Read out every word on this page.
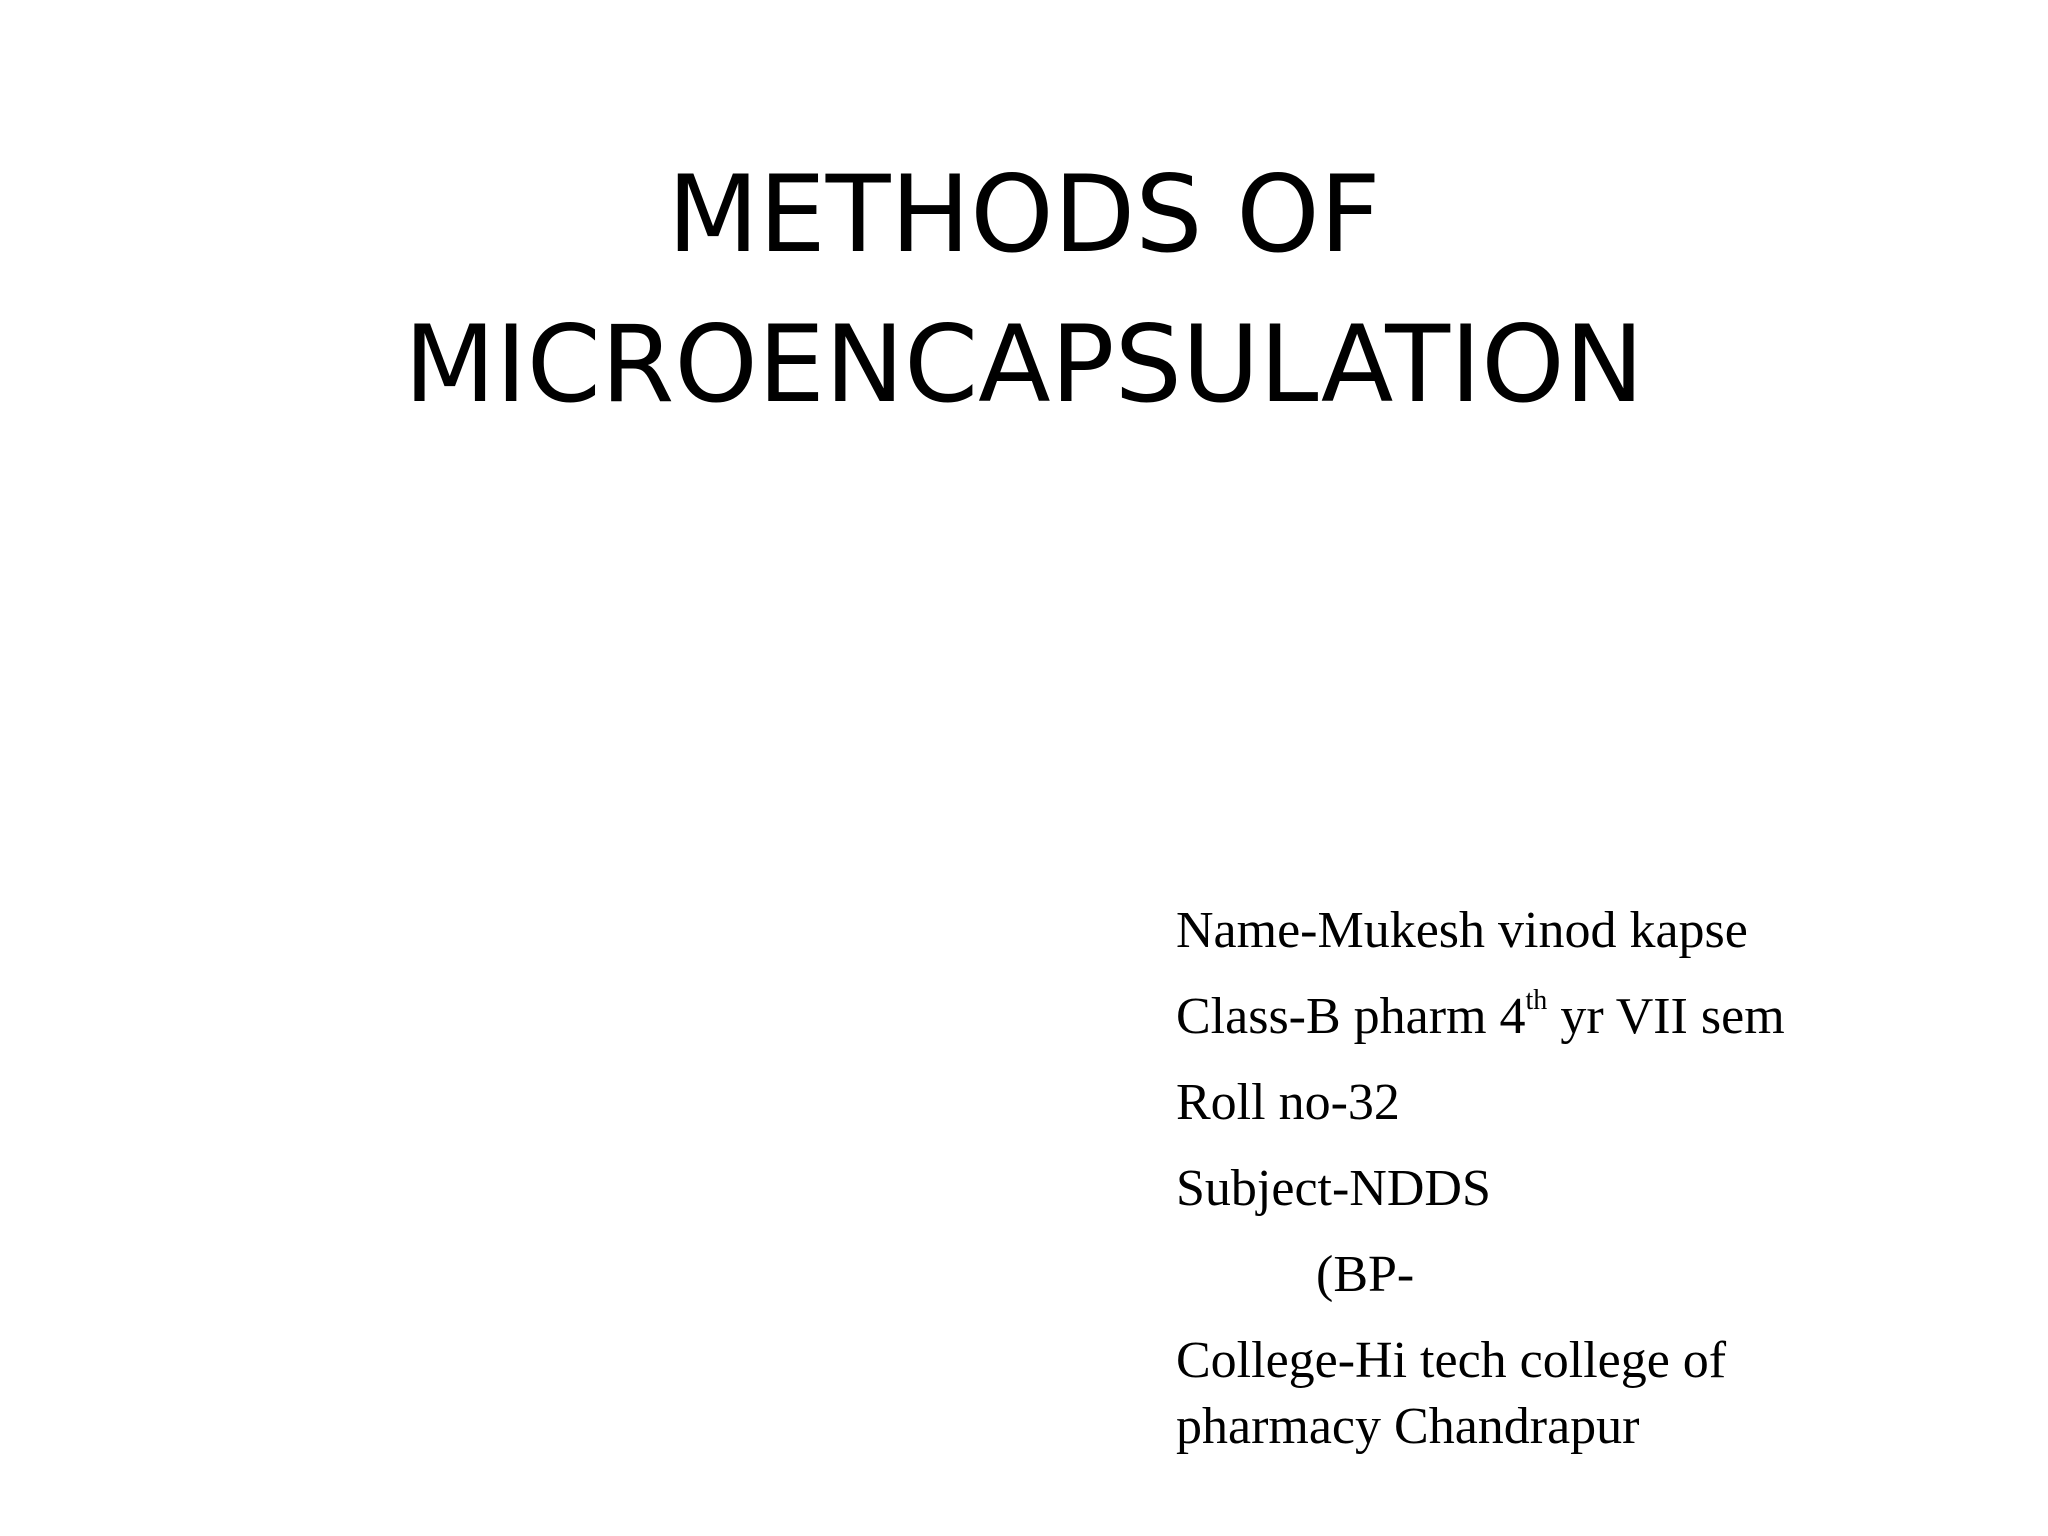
METHODS OF
MICROENCAPSULATION
Name-Mukesh vinod kapse
Class-B pharm 4th yr VII sem
Roll no-32
Subject-NDDS
(BP-
College-Hi tech college of pharmacy Chandrapur
